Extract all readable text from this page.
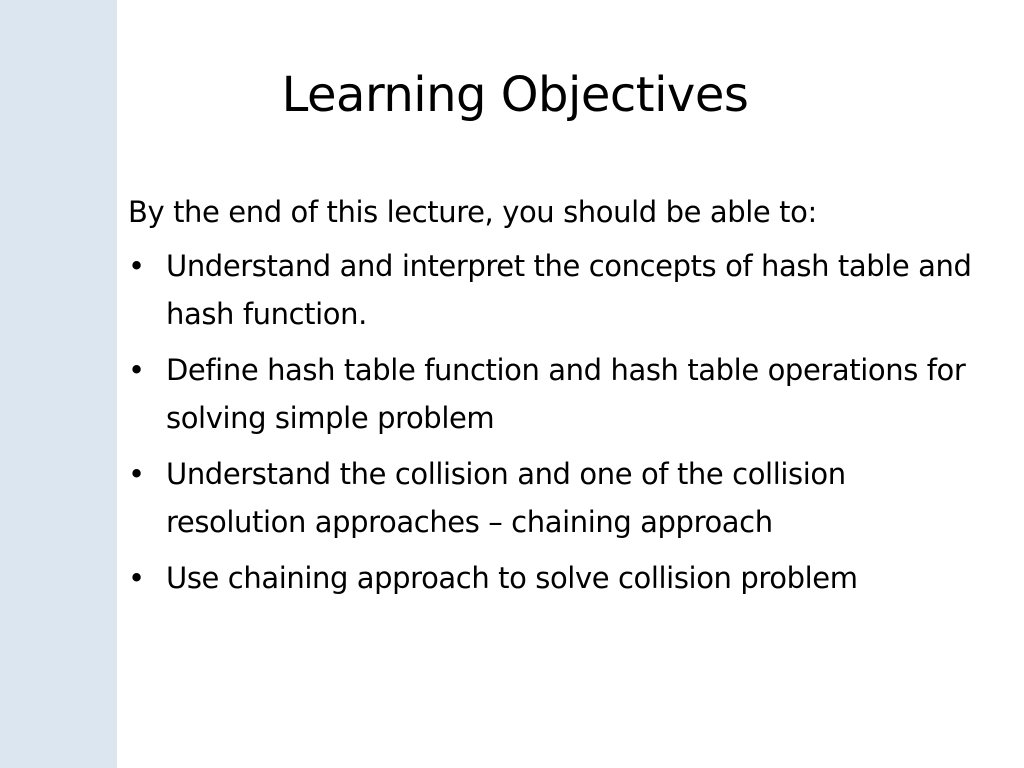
Learning Objectives

By the end of this lecture, you should be able to:

• Understand and interpret the concepts of hash table and hash function.
• Define hash table function and hash table operations for solving simple problem
• Understand the collision and one of the collision resolution approaches – chaining approach
• Use chaining approach to solve collision problem
